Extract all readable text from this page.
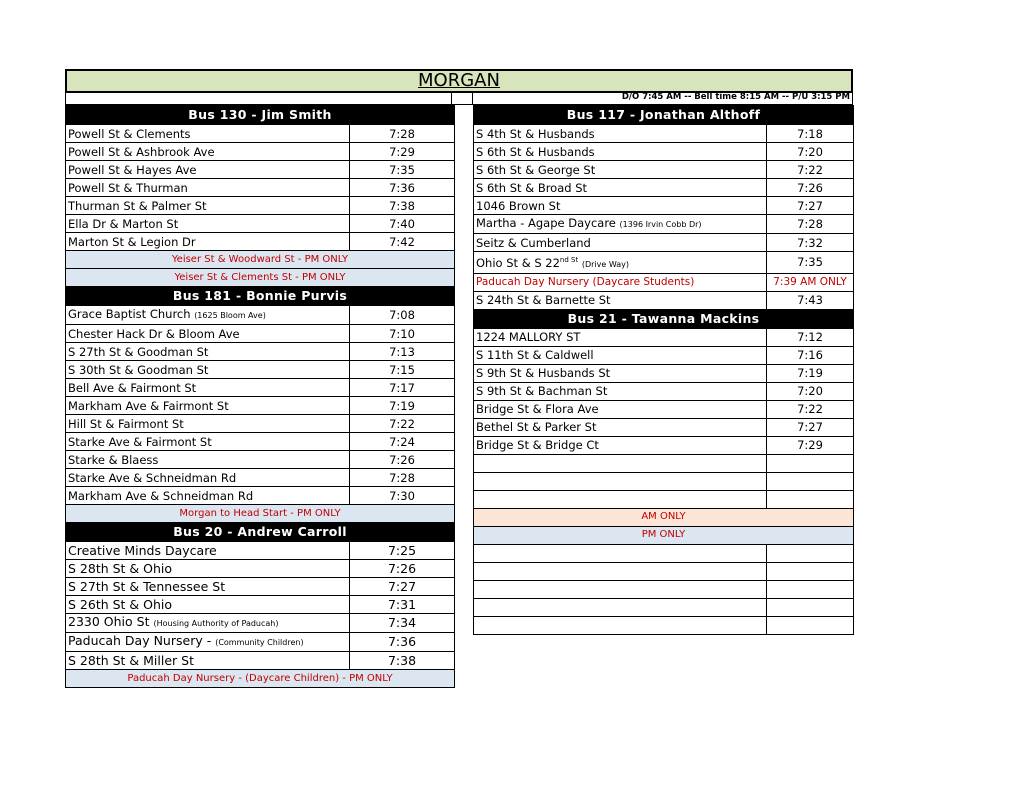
MORGAN
D/O 7:45 AM -- Bell time 8:15 AM -- P/U 3:15 PM
Bus 130 - Jim Smith	
Powell St & Clements	7:28
Powell St & Ashbrook Ave	7:29
Powell St & Hayes Ave	7:35
Powell St & Thurman	7:36
Thurman St & Palmer St	7:38
Ella Dr & Marton St	7:40
Marton St & Legion Dr	7:42
Yeiser St & Woodward St - PM ONLY	
Yeiser St & Clements St - PM ONLY	
Bus 181 - Bonnie Purvis	
Grace Baptist Church (1625 Bloom Ave)	7:08
Chester Hack Dr & Bloom Ave	7:10
S 27th St & Goodman St	7:13
S 30th St & Goodman St	7:15
Bell Ave & Fairmont St	7:17
Markham Ave & Fairmont St	7:19
Hill St & Fairmont St	7:22
Starke Ave & Fairmont St	7:24
Starke & Blaess	7:26
Starke Ave & Schneidman Rd	7:28
Markham Ave & Schneidman Rd	7:30
Morgan to Head Start - PM ONLY	
Bus 20 - Andrew Carroll	
Creative Minds Daycare	7:25
S 28th St & Ohio	7:26
S 27th St & Tennessee St	7:27
S 26th St & Ohio	7:31
2330 Ohio St (Housing Authority of Paducah)	7:34
Paducah Day Nursery - (Community Children)	7:36
S 28th St & Miller St	7:38
Paducah Day Nursery - (Daycare Children) - PM ONLY	
Bus 117 - Jonathan Althoff	
S 4th St & Husbands	7:18
S 6th St & Husbands	7:20
S 6th St & George St	7:22
S 6th St & Broad St	7:26
1046 Brown St	7:27
Martha - Agape Daycare (1396 Irvin Cobb Dr)	7:28
Seitz & Cumberland	7:32
Ohio St & S $22^{nd St}$ (Drive Way)	7:35
Paducah Day Nursery (Daycare Students)	7:39 AM ONLY
S 24th St & Barnette St	7:43
Bus 21 - Tawanna Mackins	
1224 MALLORY ST	7:12
S 11th St & Caldwell	7:16
S 9th St & Husbands St	7:19
S 9th St & Bachman St	7:20
Bridge St & Flora Ave	7:22
Bethel St & Parker St	7:27
Bridge St & Bridge Ct	7:29

AM ONLY	
PM ONLY	
